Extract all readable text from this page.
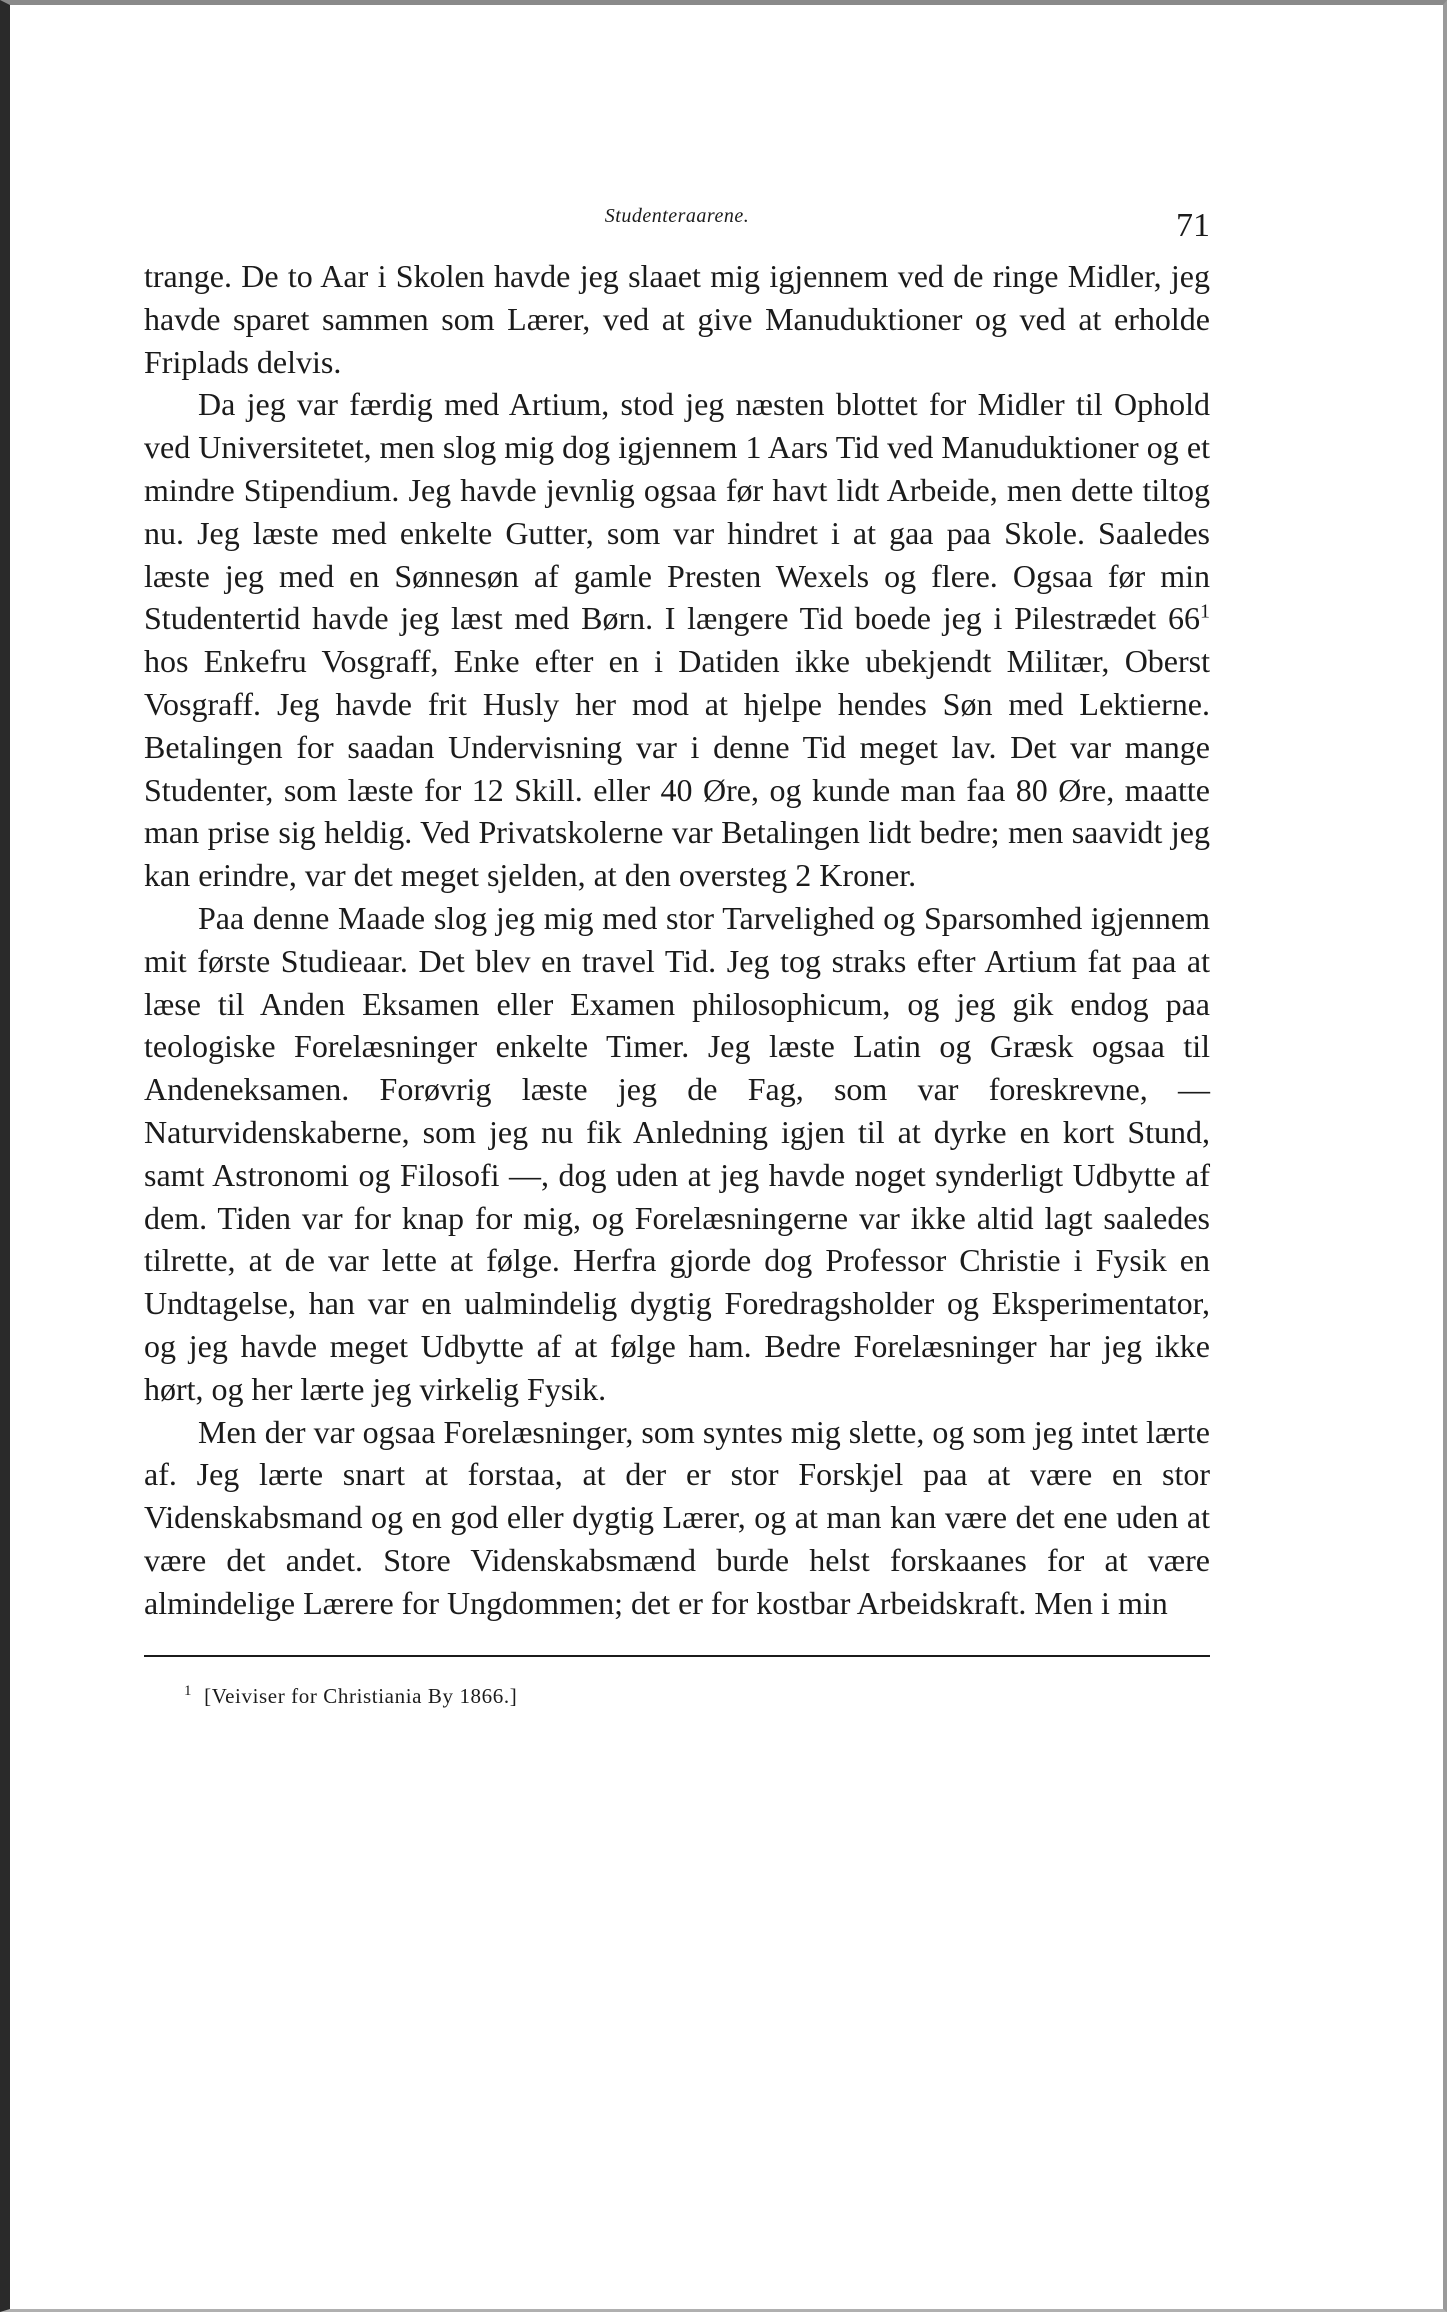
Studenteraarene.	71

trange. De to Aar i Skolen havde jeg slaaet mig igjennem ved de ringe Midler, jeg havde sparet sammen som Lærer, ved at give Manuduktioner og ved at erholde Friplads delvis.

Da jeg var færdig med Artium, stod jeg næsten blottet for Midler til Ophold ved Universitetet, men slog mig dog igjennem 1 Aars Tid ved Manuduktioner og et mindre Stipendium. Jeg havde jevnlig ogsaa før havt lidt Arbeide, men dette tiltog nu. Jeg læste med enkelte Gutter, som var hindret i at gaa paa Skole. Saaledes læste jeg med en Sønnesøn af gamle Presten Wexels og flere. Ogsaa før min Studentertid havde jeg læst med Børn. I længere Tid boede jeg i Pilestrædet 66$^1$ hos Enkefru Vosgraff, Enke efter en i Datiden ikke ubekjendt Militær, Oberst Vosgraff. Jeg havde frit Husly her mod at hjelpe hendes Søn med Lektierne. Betalingen for saadan Undervisning var i denne Tid meget lav. Det var mange Studenter, som læste for 12 Skill. eller 40 Øre, og kunde man faa 80 Øre, maatte man prise sig heldig. Ved Privatskolerne var Betalingen lidt bedre; men saavidt jeg kan erindre, var det meget sjelden, at den oversteg 2 Kroner.

Paa denne Maade slog jeg mig med stor Tarvelighed og Sparsomhed igjennem mit første Studieaar. Det blev en travel Tid. Jeg tog straks efter Artium fat paa at læse til Anden Eksamen eller Examen philosophicum, og jeg gik endog paa teologiske Forelæsninger enkelte Timer. Jeg læste Latin og Græsk ogsaa til Andeneksamen. Forøvrig læste jeg de Fag, som var foreskrevne, — Naturvidenskaberne, som jeg nu fik Anledning igjen til at dyrke en kort Stund, samt Astronomi og Filosofi —, dog uden at jeg havde noget synderligt Udbytte af dem. Tiden var for knap for mig, og Forelæsningerne var ikke altid lagt saaledes tilrette, at de var lette at følge. Herfra gjorde dog Professor Christie i Fysik en Undtagelse, han var en ualmindelig dygtig Foredragsholder og Eksperimentator, og jeg havde meget Udbytte af at følge ham. Bedre Forelæsninger har jeg ikke hørt, og her lærte jeg virkelig Fysik.

Men der var ogsaa Forelæsninger, som syntes mig slette, og som jeg intet lærte af. Jeg lærte snart at forstaa, at der er stor Forskjel paa at være en stor Videnskabsmand og en god eller dygtig Lærer, og at man kan være det ene uden at være det andet. Store Videnskabsmænd burde helst forskaanes for at være almindelige Lærere for Ungdommen; det er for kostbar Arbeidskraft. Men i min

$^1$ [Veiviser for Christiania By 1866.]
